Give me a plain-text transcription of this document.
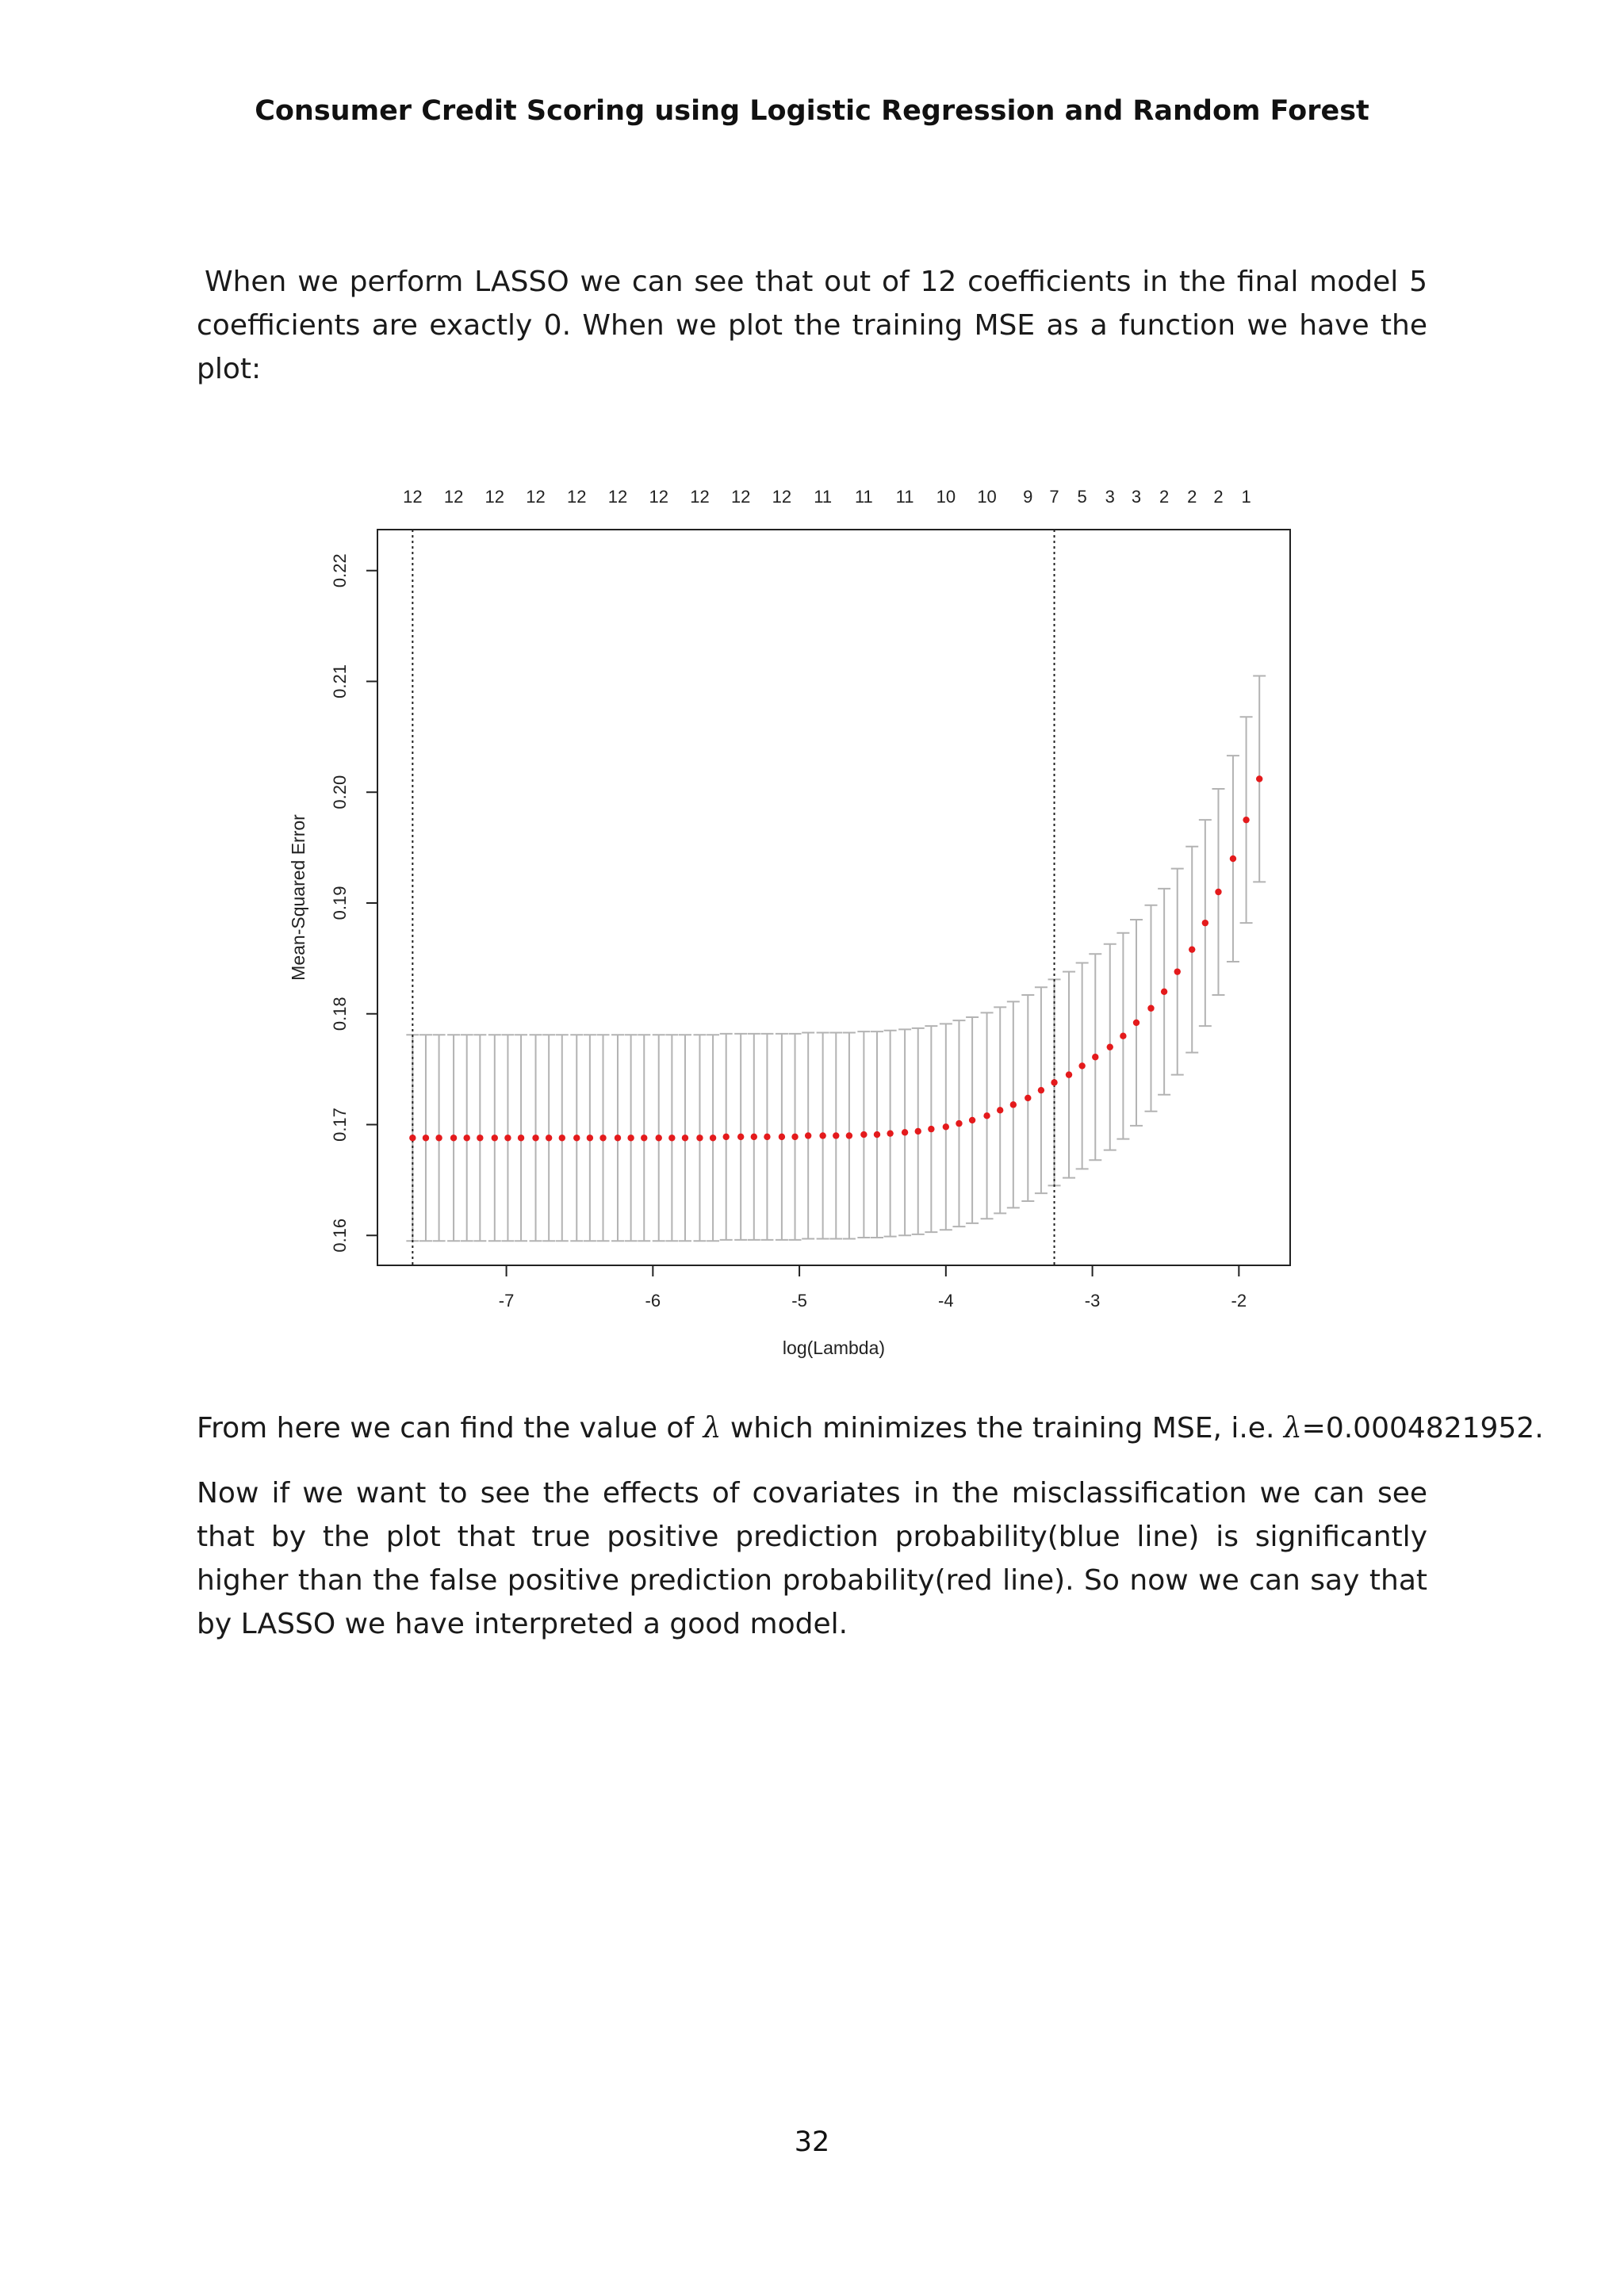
Consumer Credit Scoring using Logistic Regression and Random Forest

When we perform LASSO we can see that out of 12 coefficients in the final model 5 coefficients are exactly 0. When we plot the training MSE as a function we have the plot:

-7	-6	-5	-4	-3	-2
0.16
0.17
0.18
0.19
0.20
0.21
0.22
12 12 12 12 12 12 12 12 12 12 11 11 11 10 10 9 7 5 3 3 2 2 2 1
log(Lambda)
Mean-Squared Error

From here we can find the value of λ which minimizes the training MSE, i.e. λ=0.0004821952.

Now if we want to see the effects of covariates in the misclassification we can see that by the plot that true positive prediction probability(blue line) is significantly higher than the false positive prediction probability(red line). So now we can say that by LASSO we have interpreted a good model.

32
